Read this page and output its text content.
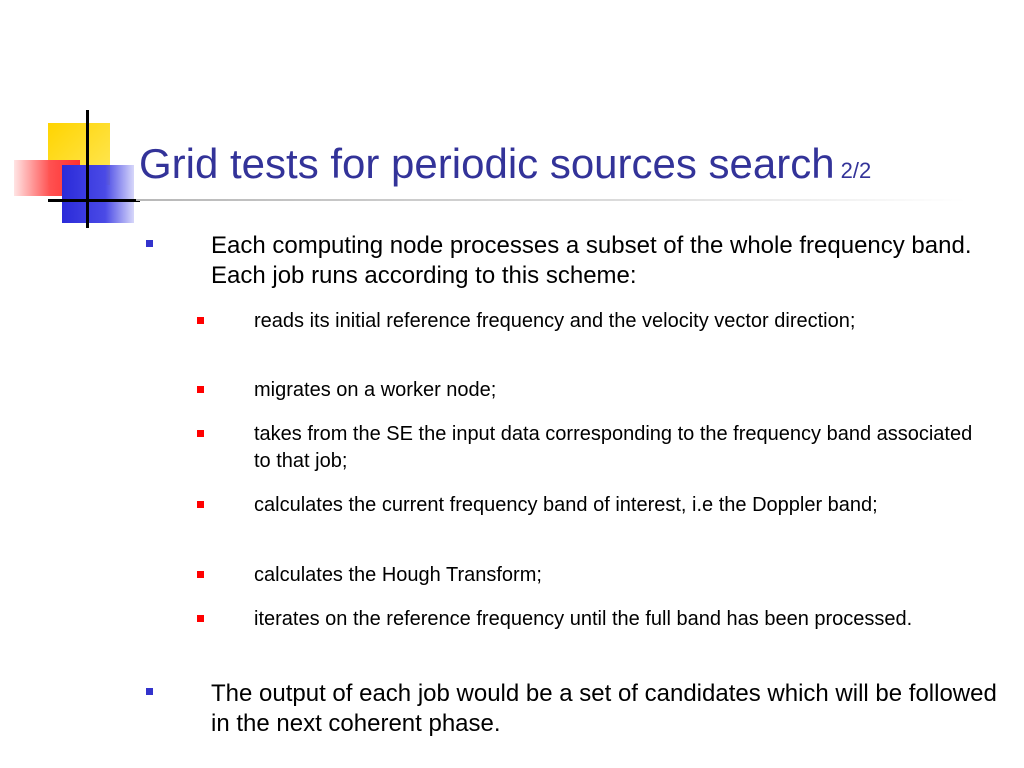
Grid tests for periodic sources search 2/2

Each computing node processes a subset of the whole frequency band. Each job runs according to this scheme:

reads its initial reference frequency and the velocity vector direction;

migrates on a worker node;

takes from the SE the input data corresponding to the frequency band associated to that job;

calculates the current frequency band of interest, i.e the Doppler band;

calculates the Hough Transform;

iterates on the reference frequency until the full band has been processed.

The output of each job would be a set of candidates which will be followed in the next coherent phase.
